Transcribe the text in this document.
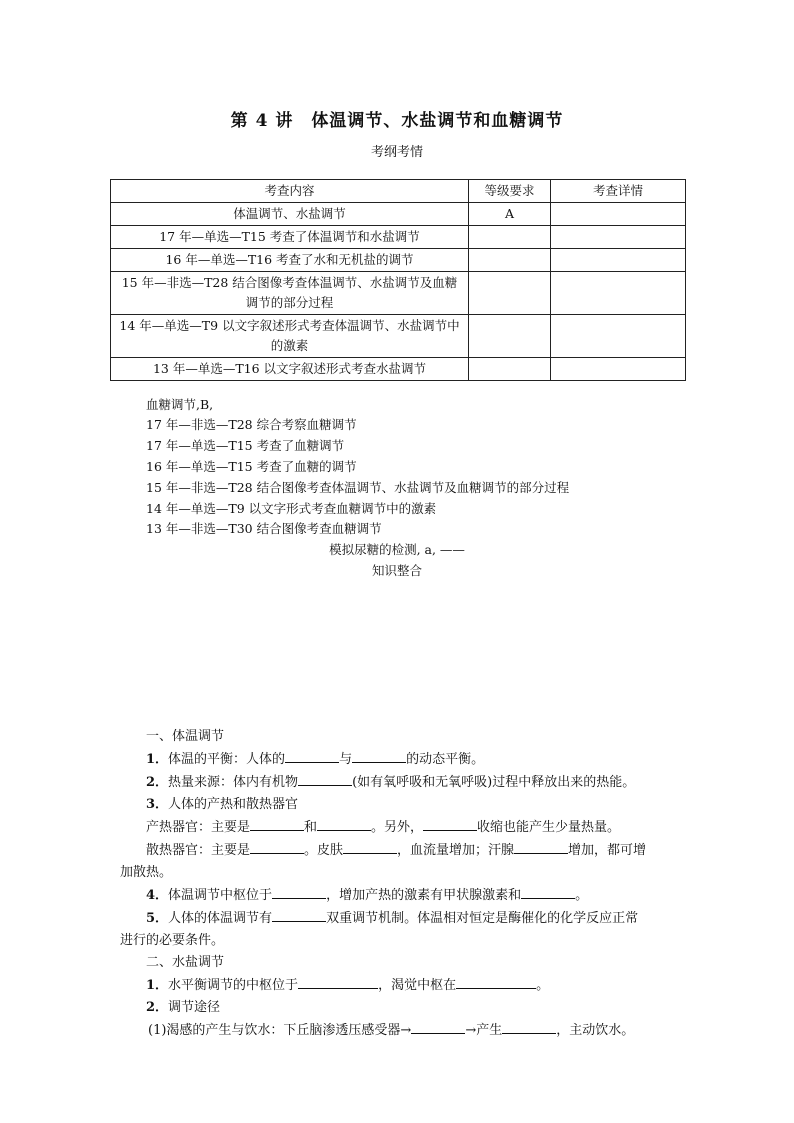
第 4 讲　体温调节、水盐调节和血糖调节
考纲考情
考查内容	等级要求	考查详情
体温调节、水盐调节	A	
17 年—单选—T15 考查了体温调节和水盐调节		
16 年—单选—T16 考查了水和无机盐的调节		
15 年—非选—T28 结合图像考查体温调节、水盐调节及血糖调节的部分过程		
14 年—单选—T9 以文字叙述形式考查体温调节、水盐调节中的激素		
13 年—单选—T16 以文字叙述形式考查水盐调节		
血糖调节,B,
17 年—非选—T28 综合考察血糖调节
17 年—单选—T15 考查了血糖调节
16 年—单选—T15 考查了血糖的调节
15 年—非选—T28 结合图像考查体温调节、水盐调节及血糖调节的部分过程
14 年—单选—T9 以文字形式考查血糖调节中的激素
13 年—非选—T30 结合图像考查血糖调节
模拟尿糖的检测, a, ——
知识整合

一、体温调节

1．体温的平衡：人体的	与	的动态平衡。

2．热量来源：体内有机物	(如有氧呼吸和无氧呼吸)过程中释放出来的热能。

3．人体的产热和散热器官

产热器官：主要是	和	。另外，	收缩也能产生少量热量。

散热器官：主要是	。皮肤	，血流量增加；汗腺	增加，都可增

加散热。

4．体温调节中枢位于	，增加产热的激素有甲状腺激素和	。

5．人体的体温调节有	双重调节机制。体温相对恒定是酶催化的化学反应正常

进行的必要条件。

二、水盐调节

1．水平衡调节的中枢位于	，渴觉中枢在	。

2．调节途径

(1)渴感的产生与饮水：下丘脑渗透压感受器→	→产生	，主动饮水。
